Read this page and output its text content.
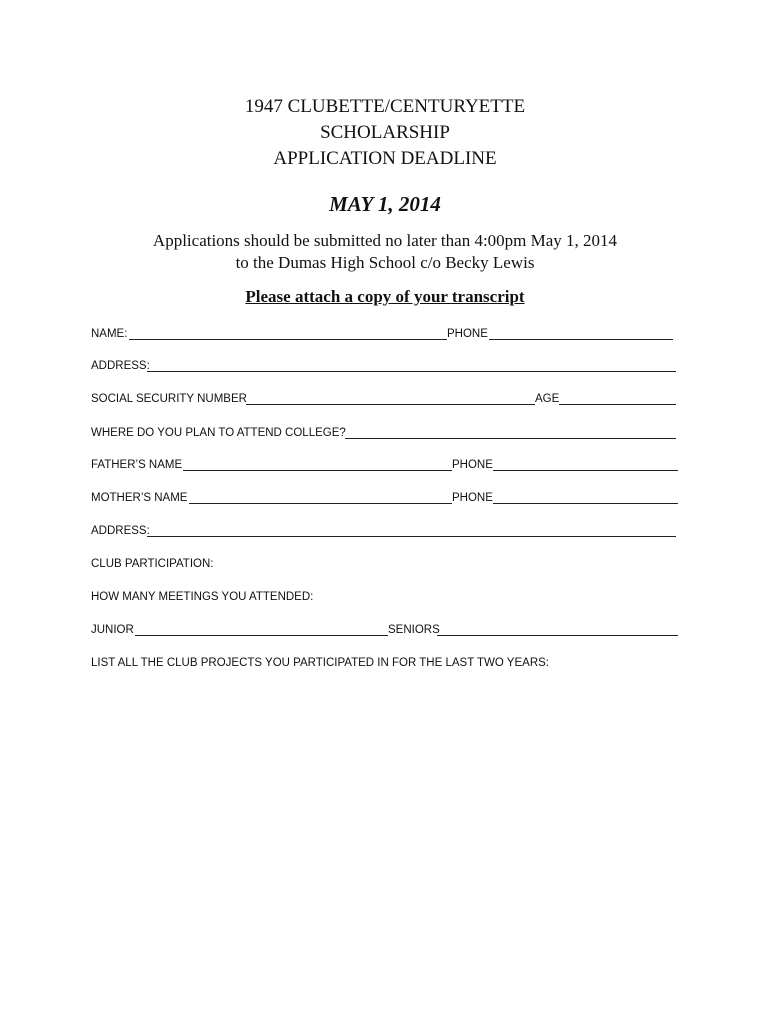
1947 CLUBETTE/CENTURYETTE
SCHOLARSHIP
APPLICATION DEADLINE
MAY 1, 2014
Applications should be submitted no later than 4:00pm May 1, 2014
to the Dumas High School c/o Becky Lewis
Please attach a copy of your transcript
NAME:	PHONE
ADDRESS:
SOCIAL SECURITY NUMBER	AGE
WHERE DO YOU PLAN TO ATTEND COLLEGE?
FATHER’S NAME	PHONE
MOTHER’S NAME	PHONE
ADDRESS:
CLUB PARTICIPATION:
HOW MANY MEETINGS YOU ATTENDED:
JUNIOR	SENIORS
LIST ALL THE CLUB PROJECTS YOU PARTICIPATED IN FOR THE LAST TWO YEARS:
